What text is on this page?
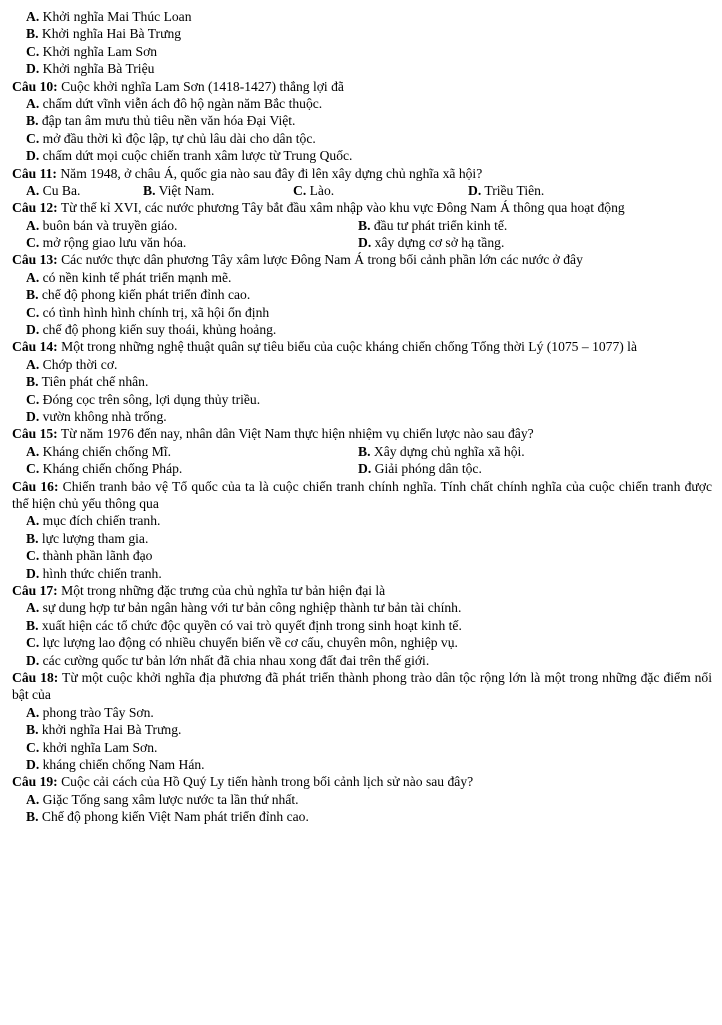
A. Khởi nghĩa Mai Thúc Loan
B. Khởi nghĩa Hai Bà Trưng
C. Khởi nghĩa Lam Sơn
D. Khởi nghĩa Bà Triệu
Câu 10: Cuộc khởi nghĩa Lam Sơn (1418-1427) thắng lợi đã
A. chấm dứt vĩnh viễn ách đô hộ ngàn năm Bắc thuộc.
B. đập tan âm mưu thủ tiêu nền văn hóa Đại Việt.
C. mở đầu thời kì độc lập, tự chủ lâu dài cho dân tộc.
D. chấm dứt mọi cuộc chiến tranh xâm lược từ Trung Quốc.
Câu 11: Năm 1948, ở châu Á, quốc gia nào sau đây đi lên xây dựng chủ nghĩa xã hội?
A. Cu Ba.	B. Việt Nam.	C. Lào.	D. Triều Tiên.
Câu 12: Từ thế kỉ XVI, các nước phương Tây bắt đầu xâm nhập vào khu vực Đông Nam Á thông qua hoạt động
A. buôn bán và truyền giáo.	B. đầu tư phát triển kinh tế.
C. mở rộng giao lưu văn hóa.	D. xây dựng cơ sở hạ tầng.
Câu 13: Các nước thực dân phương Tây xâm lược Đông Nam Á trong bối cảnh phần lớn các nước ở đây
A. có nền kinh tế phát triển mạnh mẽ.
B. chế độ phong kiến phát triển đỉnh cao.
C. có tình hình hình chính trị, xã hội ổn định
D. chế độ phong kiến suy thoái, khủng hoảng.
Câu 14: Một trong những nghệ thuật quân sự tiêu biểu của cuộc kháng chiến chống Tống thời Lý (1075 – 1077) là
A. Chớp thời cơ.
B. Tiên phát chế nhân.
C. Đóng cọc trên sông, lợi dụng thủy triều.
D. vườn không nhà trống.
Câu 15: Từ năm 1976 đến nay, nhân dân Việt Nam thực hiện nhiệm vụ chiến lược nào sau đây?
A. Kháng chiến chống Mĩ.	B. Xây dựng chủ nghĩa xã hội.
C. Kháng chiến chống Pháp.	D. Giải phóng dân tộc.
Câu 16: Chiến tranh bảo vệ Tổ quốc của ta là cuộc chiến tranh chính nghĩa. Tính chất chính nghĩa của cuộc chiến tranh được thể hiện chủ yếu thông qua
A. mục đích chiến tranh.
B. lực lượng tham gia.
C. thành phần lãnh đạo
D. hình thức chiến tranh.
Câu 17: Một trong những đặc trưng của chủ nghĩa tư bản hiện đại là
A. sự dung hợp tư bản ngân hàng với tư bản công nghiệp thành tư bản tài chính.
B. xuất hiện các tổ chức độc quyền có vai trò quyết định trong sinh hoạt kinh tế.
C. lực lượng lao động có nhiều chuyển biến về cơ cấu, chuyên môn, nghiệp vụ.
D. các cường quốc tư bản lớn nhất đã chia nhau xong đất đai trên thế giới.
Câu 18: Từ một cuộc khởi nghĩa địa phương đã phát triển thành phong trào dân tộc rộng lớn là một trong những đặc điểm nổi bật của
A. phong trào Tây Sơn.
B. khởi nghĩa Hai Bà Trưng.
C. khởi nghĩa Lam Sơn.
D. kháng chiến chống Nam Hán.
Câu 19: Cuộc cải cách của Hồ Quý Ly tiến hành trong bối cảnh lịch sử nào sau đây?
A. Giặc Tống sang xâm lược nước ta lần thứ nhất.
B. Chế độ phong kiến Việt Nam phát triển đỉnh cao.
